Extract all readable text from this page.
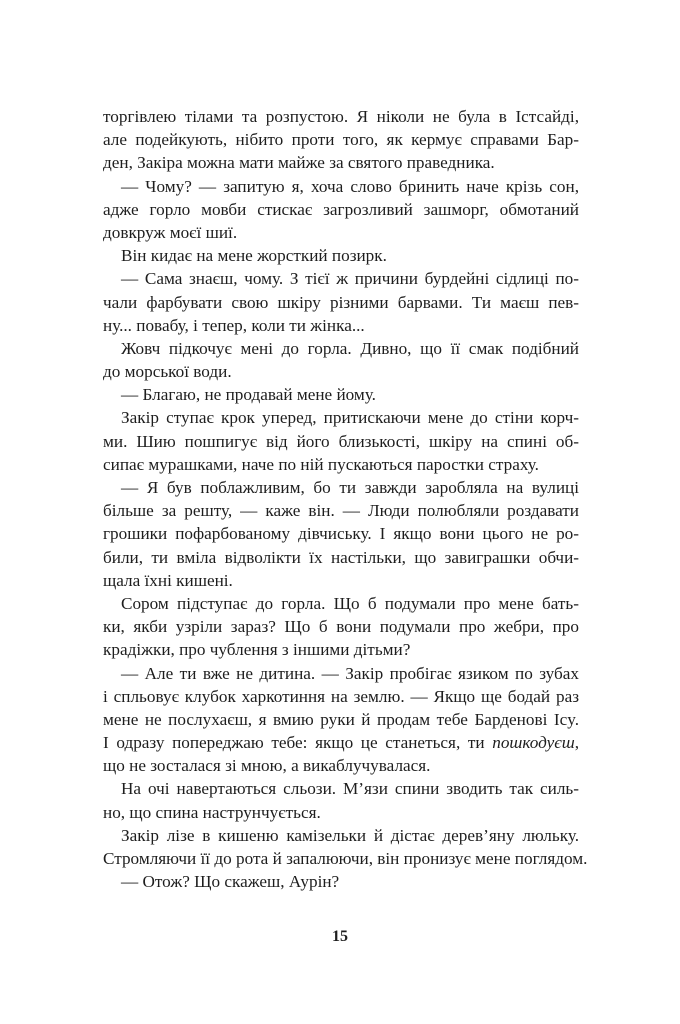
торгівлею тілами та розпустою. Я ніколи не була в Істсайді,
але подейкують, нібито проти того, як кермує справами Бар-
ден, Закіра можна мати майже за святого праведника.
— Чому? — запитую я, хоча слово бринить наче крізь сон,
адже горло мовби стискає загрозливий зашморг, обмотаний
довкруж моєї шиї.
Він кидає на мене жорсткий позирк.
— Сама знаєш, чому. З тієї ж причини бурдейні сідлиці по-
чали фарбувати свою шкіру різними барвами. Ти маєш пев-
ну... повабу, і тепер, коли ти жінка...
Жовч підкочує мені до горла. Дивно, що її смак подібний
до морської води.
— Благаю, не продавай мене йому.
Закір ступає крок уперед, притискаючи мене до стіни корч-
ми. Шию пошпигує від його близькості, шкіру на спині об-
сипає мурашками, наче по ній пускаються паростки страху.
— Я був поблажливим, бо ти завжди заробляла на вулиці
більше за решту, — каже він. — Люди полюбляли роздавати
грошики пофарбованому дівчиську. І якщо вони цього не ро-
били, ти вміла відволікти їх настільки, що завиграшки обчи-
щала їхні кишені.
Сором підступає до горла. Що б подумали про мене бать-
ки, якби узріли зараз? Що б вони подумали про жебри, про
крадіжки, про чублення з іншими дітьми?
— Але ти вже не дитина. — Закір пробігає язиком по зубах
і спльовує клубок харкотиння на землю. — Якщо ще бодай раз
мене не послухаєш, я вмию руки й продам тебе Барденові Ісy.
І одразу попереджаю тебе: якщо це станеться, ти пошкодуєш,
що не зосталася зі мною, а викаблучувалася.
На очі навертаються сльози. М’язи спини зводить так силь-
но, що спина наструнчується.
Закір лізе в кишеню камізельки й дістає дерев’яну люльку.
Стромляючи її до рота й запалюючи, він пронизує мене поглядом.
— Отож? Що скажеш, Аурін?
15
